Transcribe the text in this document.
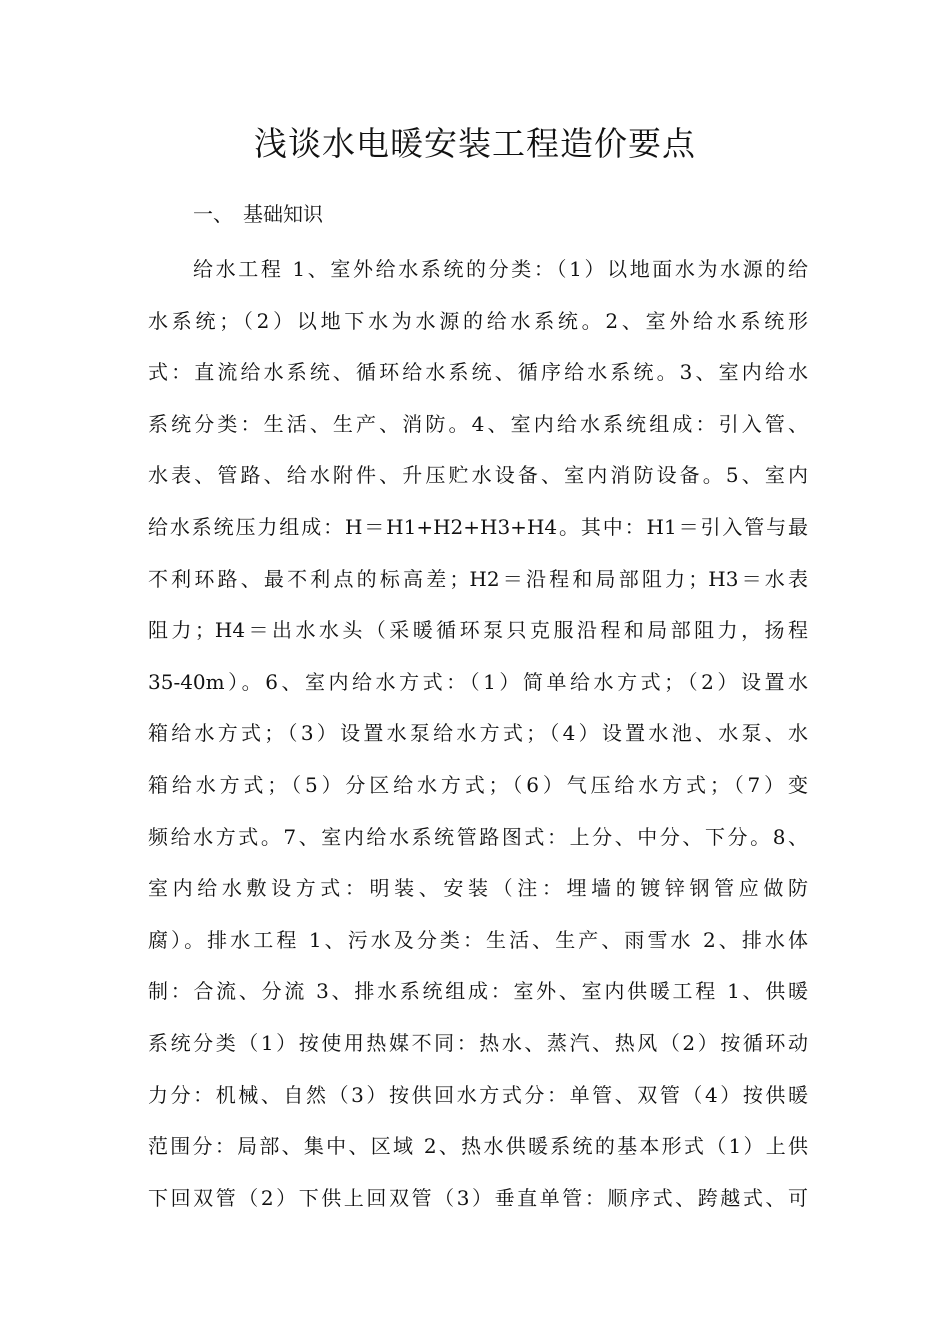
浅谈水电暖安装工程造价要点

一、 基础知识

给水工程 1、室外给水系统的分类：（1）以地面水为水源的给
水系统；（2）以地下水为水源的给水系统。2、室外给水系统形
式：直流给水系统、循环给水系统、循序给水系统。3、室内给水
系统分类：生活、生产、消防。4、室内给水系统组成：引入管、
水表、管路、给水附件、升压贮水设备、室内消防设备。5、室内
给水系统压力组成：H＝H1+H2+H3+H4。其中：H1＝引入管与最
不利环路、最不利点的标高差；H2＝沿程和局部阻力；H3＝水表
阻力；H4＝出水水头（采暖循环泵只克服沿程和局部阻力，扬程
35-40m）。6、室内给水方式：（1）简单给水方式；（2）设置水
箱给水方式；（3）设置水泵给水方式；（4）设置水池、水泵、水
箱给水方式；（5）分区给水方式；（6）气压给水方式；（7）变
频给水方式。7、室内给水系统管路图式：上分、中分、下分。8、
室内给水敷设方式：明装、安装（注：埋墙的镀锌钢管应做防
腐）。排水工程 1、污水及分类：生活、生产、雨雪水 2、排水体
制：合流、分流 3、排水系统组成：室外、室内供暖工程 1、供暖
系统分类（1）按使用热媒不同：热水、蒸汽、热风（2）按循环动
力分：机械、自然（3）按供回水方式分：单管、双管（4）按供暖
范围分：局部、集中、区域 2、热水供暖系统的基本形式（1）上供
下回双管（2）下供上回双管（3）垂直单管：顺序式、跨越式、可
